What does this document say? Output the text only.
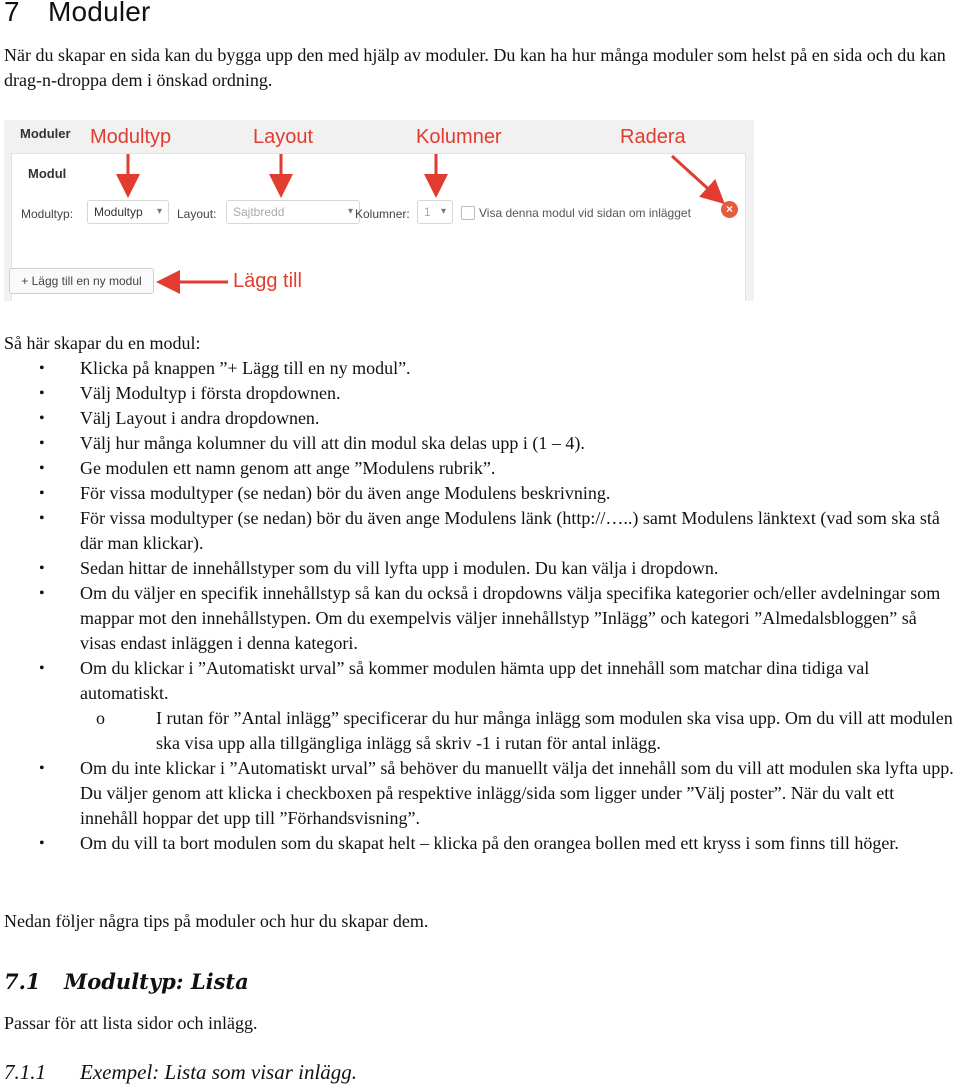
7 Moduler

När du skapar en sida kan du bygga upp den med hjälp av moduler. Du kan ha hur många moduler som helst på en sida och du kan drag-n-droppa dem i önskad ordning.

Moduler
Modul
Modultyp:	Modultyp ▾ Layout:	Sajtbredd	▾ Kolumner:	1 ▾	Visa denna modul vid sidan om inlägget	×
+ Lägg till en ny modul
Modultyp	Layout	Kolumner	Radera
Lägg till

Så här skapar du en modul:

• Klicka på knappen ”+ Lägg till en ny modul”.
• Välj Modultyp i första dropdownen.
• Välj Layout i andra dropdownen.
• Välj hur många kolumner du vill att din modul ska delas upp i (1 – 4).
• Ge modulen ett namn genom att ange ”Modulens rubrik”.
• För vissa modultyper (se nedan) bör du även ange Modulens beskrivning.
• För vissa modultyper (se nedan) bör du även ange Modulens länk (http://…..) samt Modulens länktext (vad som ska stå där man klickar).
• Sedan hittar de innehållstyper som du vill lyfta upp i modulen. Du kan välja i dropdown.
• Om du väljer en specifik innehållstyp så kan du också i dropdowns välja specifika kategorier och/eller avdelningar som mappar mot den innehållstypen. Om du exempelvis väljer innehållstyp ”Inlägg” och kategori ”Almedalsbloggen” så visas endast inläggen i denna kategori.
• Om du klickar i ”Automatiskt urval” så kommer modulen hämta upp det innehåll som matchar dina tidiga val automatiskt.
o	I rutan för ”Antal inlägg” specificerar du hur många inlägg som modulen ska visa upp. Om du vill att modulen ska visa upp alla tillgängliga inlägg så skriv -1 i rutan för antal inlägg.
• Om du inte klickar i ”Automatiskt urval” så behöver du manuellt välja det innehåll som du vill att modulen ska lyfta upp. Du väljer genom att klicka i checkboxen på respektive inlägg/sida som ligger under ”Välj poster”. När du valt ett innehåll hoppar det upp till ”Förhandsvisning”.
• Om du vill ta bort modulen som du skapat helt – klicka på den orangea bollen med ett kryss i som finns till höger.

Nedan följer några tips på moduler och hur du skapar dem.

7.1 Modultyp: Lista

Passar för att lista sidor och inlägg.

7.1.1 Exempel: Lista som visar inlägg.
